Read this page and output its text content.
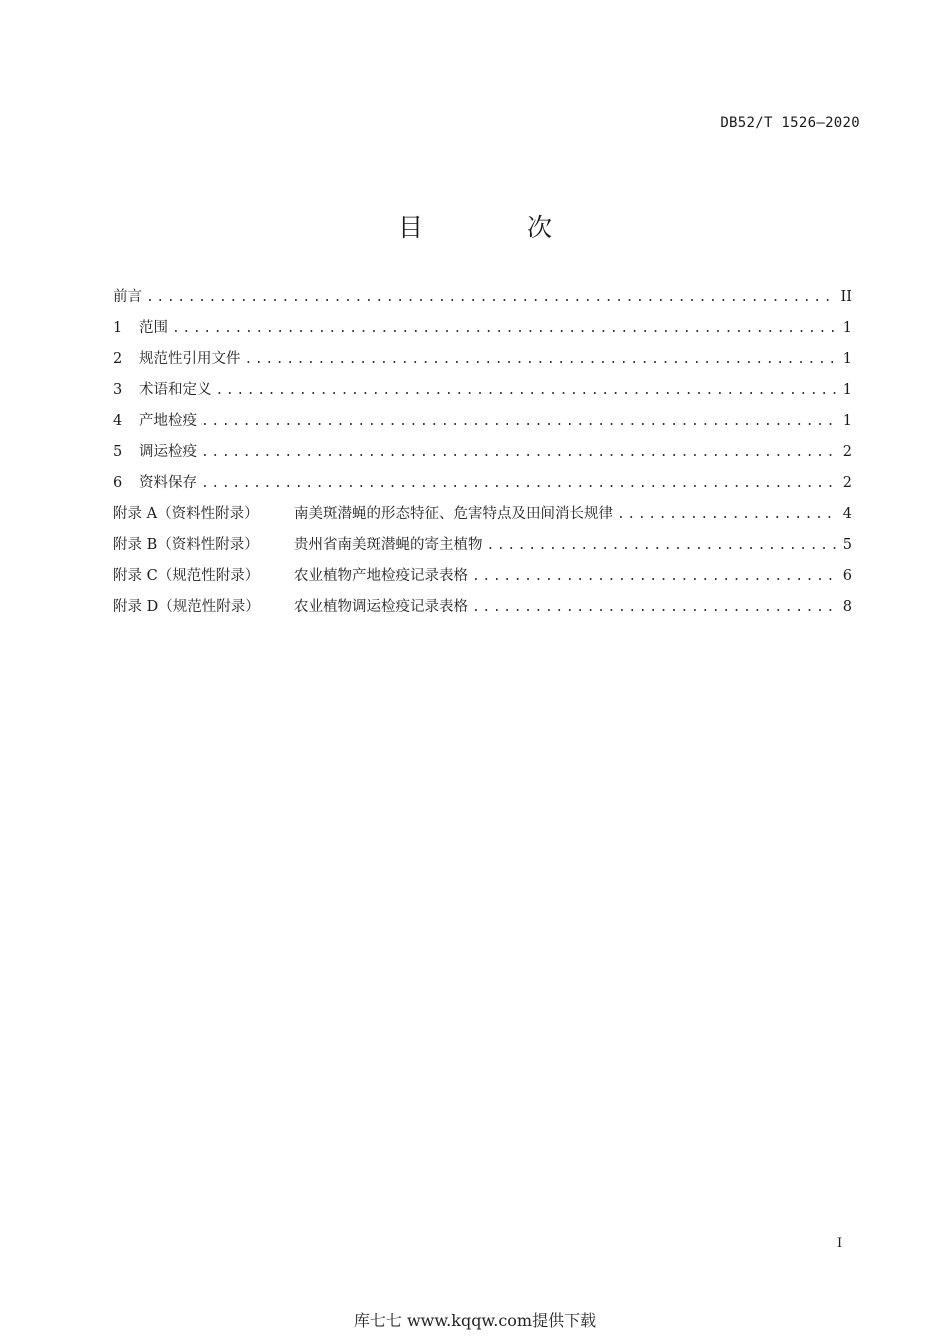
DB52/T 1526—2020
目 次
前言 .....	II
1	范围 .....	1
2	规范性引用文件 .....	1
3	术语和定义 .....	1
4	产地检疫 .....	1
5	调运检疫 .....	2
6	资料保存 .....	2
附录 A（资料性附录）	南美斑潜蝇的形态特征、危害特点及田间消长规律 .....	4
附录 B（资料性附录）	贵州省南美斑潜蝇的寄主植物 .....	5
附录 C（规范性附录）	农业植物产地检疫记录表格 .....	6
附录 D（规范性附录）	农业植物调运检疫记录表格 .....	8
I
库七七 www.kqqw.com提供下载
